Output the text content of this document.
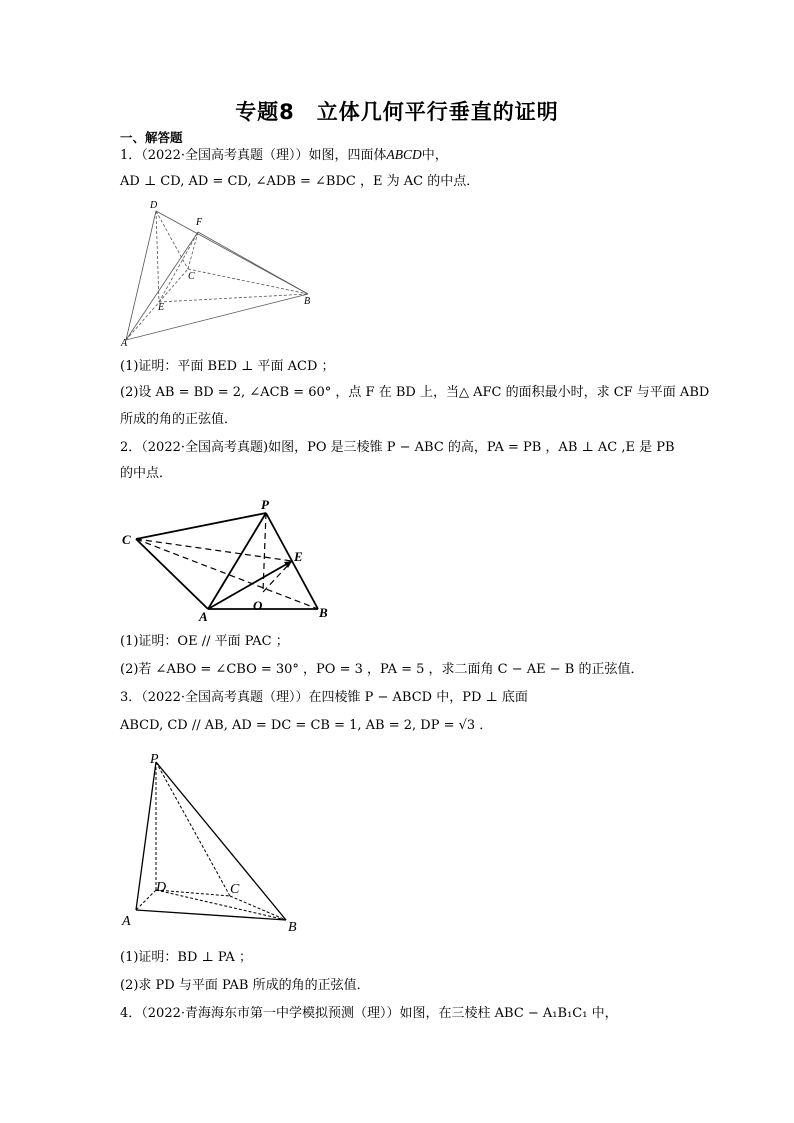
专题8　立体几何平行垂直的证明
一、解答题
1．（2022·全国高考真题（理））如图，四面体ABCD中，
AD ⊥ CD, AD = CD, ∠ADB = ∠BDC ，E 为 AC 的中点．
D
F
C
E
B
A
(1)证明：平面 BED ⊥ 平面 ACD ；
(2)设 AB = BD = 2, ∠ACB = 60° ，点 F 在 BD 上，当△ AFC 的面积最小时，求 CF 与平面 ABD
所成的角的正弦值．
2．（2022·全国高考真题)如图，PO 是三棱锥 P − ABC 的高，PA = PB ，AB ⊥ AC ,E 是 PB
的中点．
P
C
E
A
O	B
(1)证明：OE // 平面 PAC ；
(2)若 ∠ABO = ∠CBO = 30° ，PO = 3 ，PA = 5 ，求二面角 C − AE − B 的正弦值．
3．（2022·全国高考真题（理））在四棱锥 P − ABCD 中，PD ⊥ 底面
ABCD, CD // AB, AD = DC = CB = 1, AB = 2, DP = √3 ．
P
D	C
A	B
(1)证明：BD ⊥ PA ；
(2)求 PD 与平面 PAB 所成的角的正弦值．
4．（2022·青海海东市第一中学模拟预测（理））如图，在三棱柱 ABC − A₁B₁C₁ 中，
